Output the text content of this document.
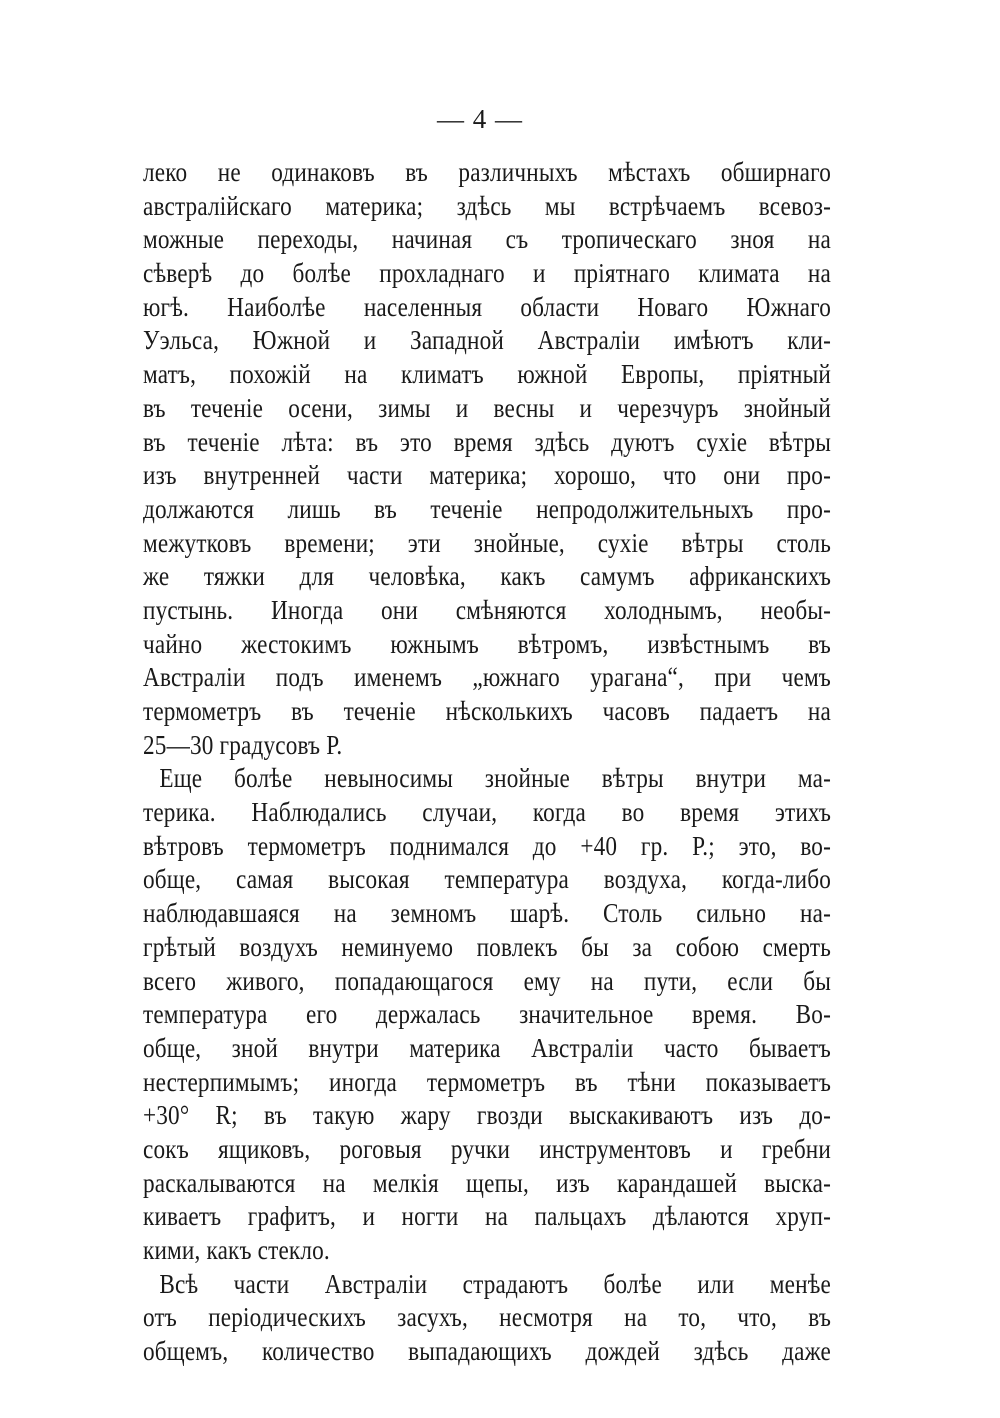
— 4 —
леко не одинаковъ въ различныхъ мѣстахъ обширнаго
австралійскаго материка; здѣсь мы встрѣчаемъ всевоз-
можные переходы, начиная съ тропическаго зноя на
сѣверѣ до болѣе прохладнаго и пріятнаго климата на
югѣ. Наиболѣе населенныя области Новаго Южнаго
Уэльса, Южной и Западной Австраліи имѣютъ кли-
матъ, похожій на климатъ южной Европы, пріятный
въ теченіе осени, зимы и весны и черезчуръ знойный
въ теченіе лѣта: въ это время здѣсь дуютъ сухіе вѣтры
изъ внутренней части материка; хорошо, что они про-
должаются лишь въ теченіе непродолжительныхъ про-
межутковъ времени; эти знойные, сухіе вѣтры столь
же тяжки для человѣка, какъ самумъ африканскихъ
пустынь. Иногда они смѣняются холоднымъ, необы-
чайно жестокимъ южнымъ вѣтромъ, извѣстнымъ въ
Австраліи подъ именемъ „южнаго урагана“, при чемъ
термометръ въ теченіе нѣсколькихъ часовъ падаетъ на
25—30 градусовъ Р.
Еще болѣе невыносимы знойные вѣтры внутри ма-
терика. Наблюдались случаи, когда во время этихъ
вѣтровъ термометръ поднимался до +40 гр. Р.; это, во-
обще, самая высокая температура воздуха, когда-либо
наблюдавшаяся на земномъ шарѣ. Столь сильно на-
грѣтый воздухъ неминуемо повлекъ бы за собою смерть
всего живого, попадающагося ему на пути, если бы
температура его держалась значительное время. Во-
обще, зной внутри материка Австраліи часто бываетъ
нестерпимымъ; иногда термометръ въ тѣни показываетъ
+30° R; въ такую жару гвозди выскакиваютъ изъ до-
сокъ ящиковъ, роговыя ручки инструментовъ и гребни
раскалываются на мелкія щепы, изъ карандашей выска-
киваетъ графитъ, и ногти на пальцахъ дѣлаются хруп-
кими, какъ стекло.
Всѣ части Австраліи страдаютъ болѣе или менѣе
отъ періодическихъ засухъ, несмотря на то, что, въ
общемъ, количество выпадающихъ дождей здѣсь даже
